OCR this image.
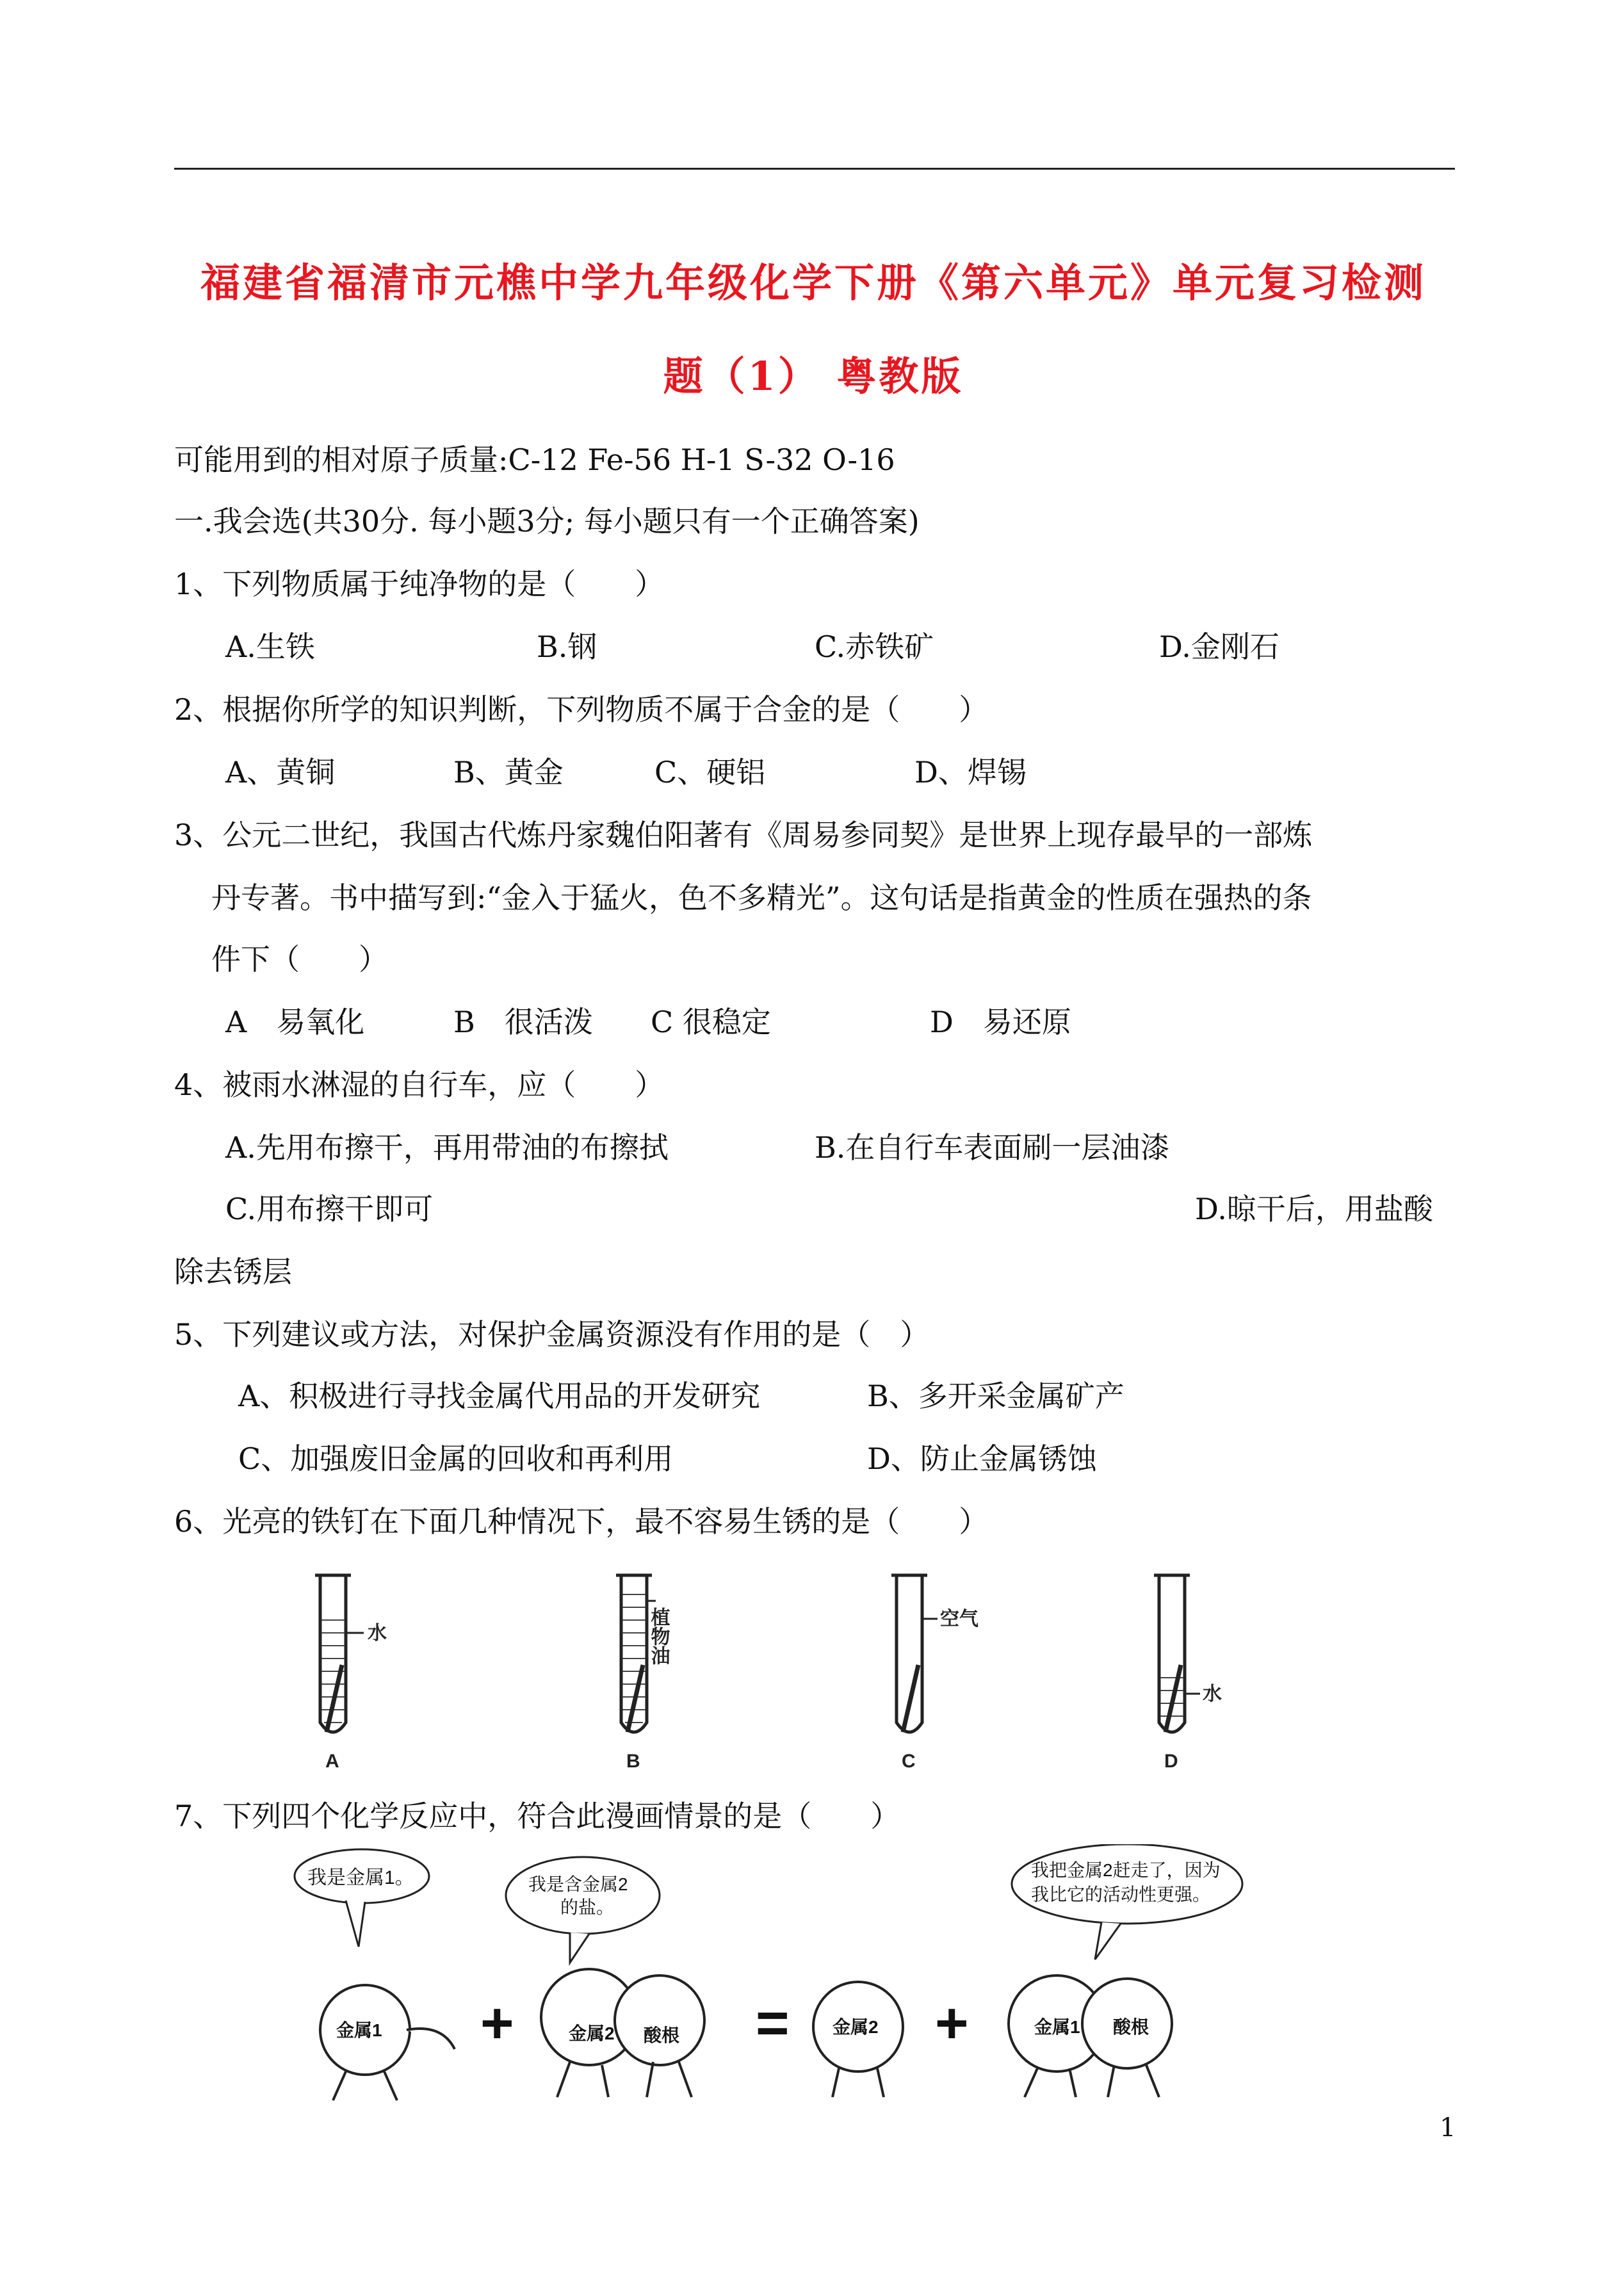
福建省福清市元樵中学九年级化学下册《第六单元》单元复习检测
题（1） 粤教版
可能用到的相对原子质量:C-12 Fe-56 H-1 S-32 O-16
一.我会选(共30分. 每小题3分; 每小题只有一个正确答案)
1、下列物质属于纯净物的是（　　）
A.生铁	B.钢	C.赤铁矿	D.金刚石
2、根据你所学的知识判断，下列物质不属于合金的是（　　）
A、黄铜	B、黄金	C、硬铝	D、焊锡
3、公元二世纪，我国古代炼丹家魏伯阳著有《周易参同契》是世界上现存最早的一部炼
丹专著。书中描写到:“金入于猛火，色不多精光”。这句话是指黄金的性质在强热的条
件下（　　）
A　易氧化	B　很活泼 C 很稳定	D　易还原
4、被雨水淋湿的自行车，应（　　）
A.先用布擦干，再用带油的布擦拭	B.在自行车表面刷一层油漆
C.用布擦干即可	D.晾干后，用盐酸
除去锈层
5、下列建议或方法，对保护金属资源没有作用的是（　）
A、积极进行寻找金属代用品的开发研究	B、多开采金属矿产
C、加强废旧金属的回收和再利用	D、防止金属锈蚀
6、光亮的铁钉在下面几种情况下，最不容易生锈的是（　　）
水
A
植物油
B
空气
C
水
D
7、下列四个化学反应中，符合此漫画情景的是（　　）
我是金属1。	我是含金属2
的盐。
我把金属2赶走了，因为
我比它的活动性更强。
金属1	金属2 酸根	金属2	金属1 酸根
+	=	+
1
